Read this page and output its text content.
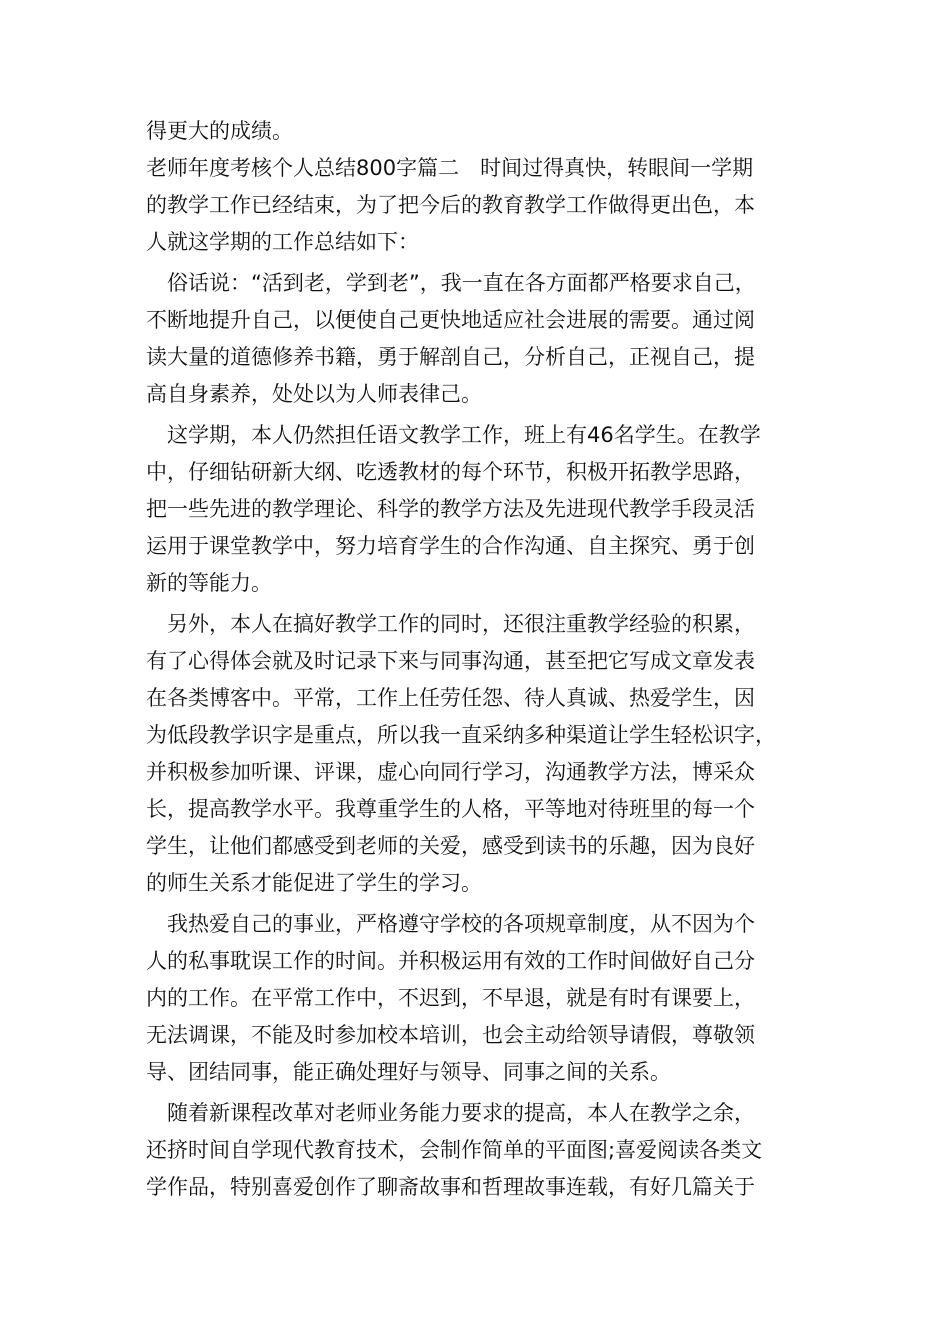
得更大的成绩。
老师年度考核个人总结800字篇二　时间过得真快，转眼间一学期
的教学工作已经结束，为了把今后的教育教学工作做得更出色，本
人就这学期的工作总结如下：
俗话说：“活到老，学到老”，我一直在各方面都严格要求自己，
不断地提升自己，以便使自己更快地适应社会进展的需要。通过阅
读大量的道德修养书籍，勇于解剖自己，分析自己，正视自己，提
高自身素养，处处以为人师表律己。
这学期，本人仍然担任语文教学工作，班上有46名学生。在教学
中，仔细钻研新大纲、吃透教材的每个环节，积极开拓教学思路，
把一些先进的教学理论、科学的教学方法及先进现代教学手段灵活
运用于课堂教学中，努力培育学生的合作沟通、自主探究、勇于创
新的等能力。
另外，本人在搞好教学工作的同时，还很注重教学经验的积累，
有了心得体会就及时记录下来与同事沟通，甚至把它写成文章发表
在各类博客中。平常，工作上任劳任怨、待人真诚、热爱学生，因
为低段教学识字是重点，所以我一直采纳多种渠道让学生轻松识字，
并积极参加听课、评课，虚心向同行学习，沟通教学方法，博采众
长，提高教学水平。我尊重学生的人格，平等地对待班里的每一个
学生，让他们都感受到老师的关爱，感受到读书的乐趣，因为良好
的师生关系才能促进了学生的学习。
我热爱自己的事业，严格遵守学校的各项规章制度，从不因为个
人的私事耽误工作的时间。并积极运用有效的工作时间做好自己分
内的工作。在平常工作中，不迟到，不早退，就是有时有课要上，
无法调课，不能及时参加校本培训，也会主动给领导请假，尊敬领
导、团结同事，能正确处理好与领导、同事之间的关系。
随着新课程改革对老师业务能力要求的提高，本人在教学之余，
还挤时间自学现代教育技术，会制作简单的平面图;喜爱阅读各类文
学作品，特别喜爱创作了聊斋故事和哲理故事连载，有好几篇关于
